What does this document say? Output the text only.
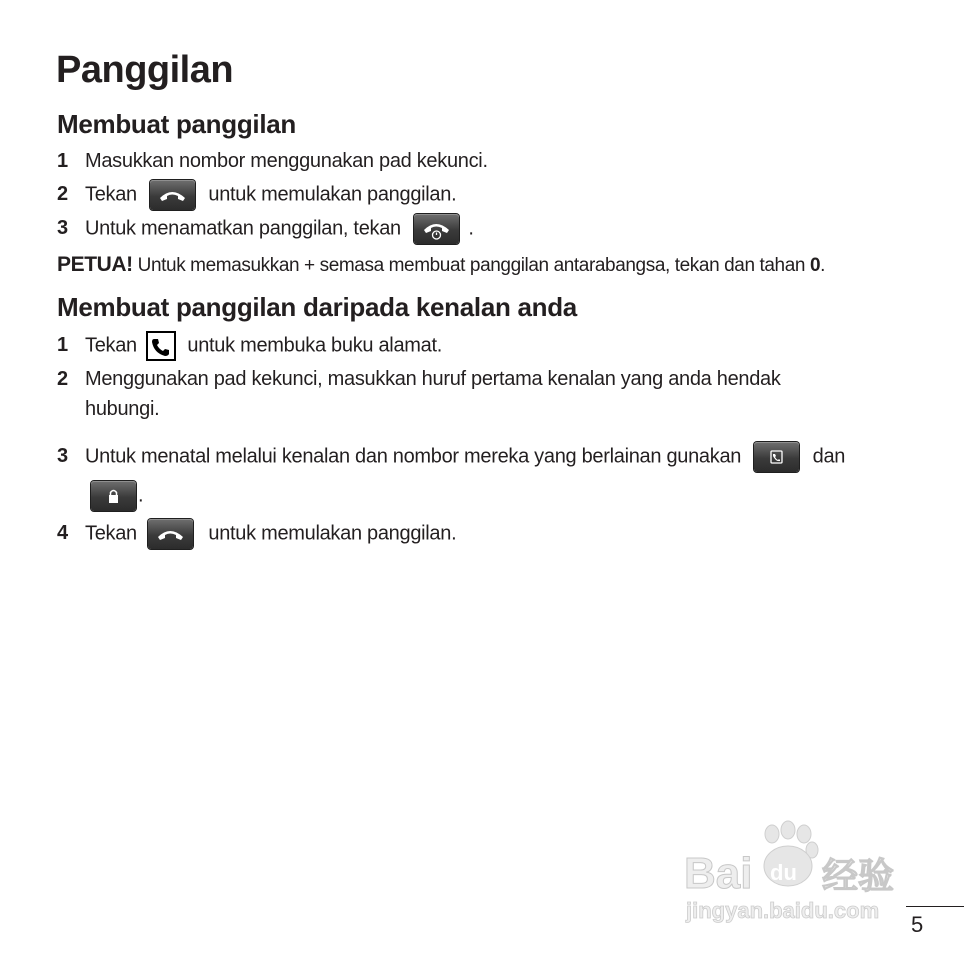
Panggilan
Membuat panggilan
1 Masukkan nombor menggunakan pad kekunci.
2 Tekan	untuk memulakan panggilan.
3 Untuk menamatkan panggilan, tekan	.
PETUA! Untuk memasukkan + semasa membuat panggilan antarabangsa, tekan dan tahan 0.
Membuat panggilan daripada kenalan anda
1 Tekan	untuk membuka buku alamat.
2 Menggunakan pad kekunci, masukkan huruf pertama kenalan yang anda hendak hubungi.
3 Untuk menatal melalui kenalan dan nombor mereka yang berlainan gunakan	dan

.
4 Tekan	untuk memulakan panggilan.
Bai du 经验
jingyan.baidu.com
5
